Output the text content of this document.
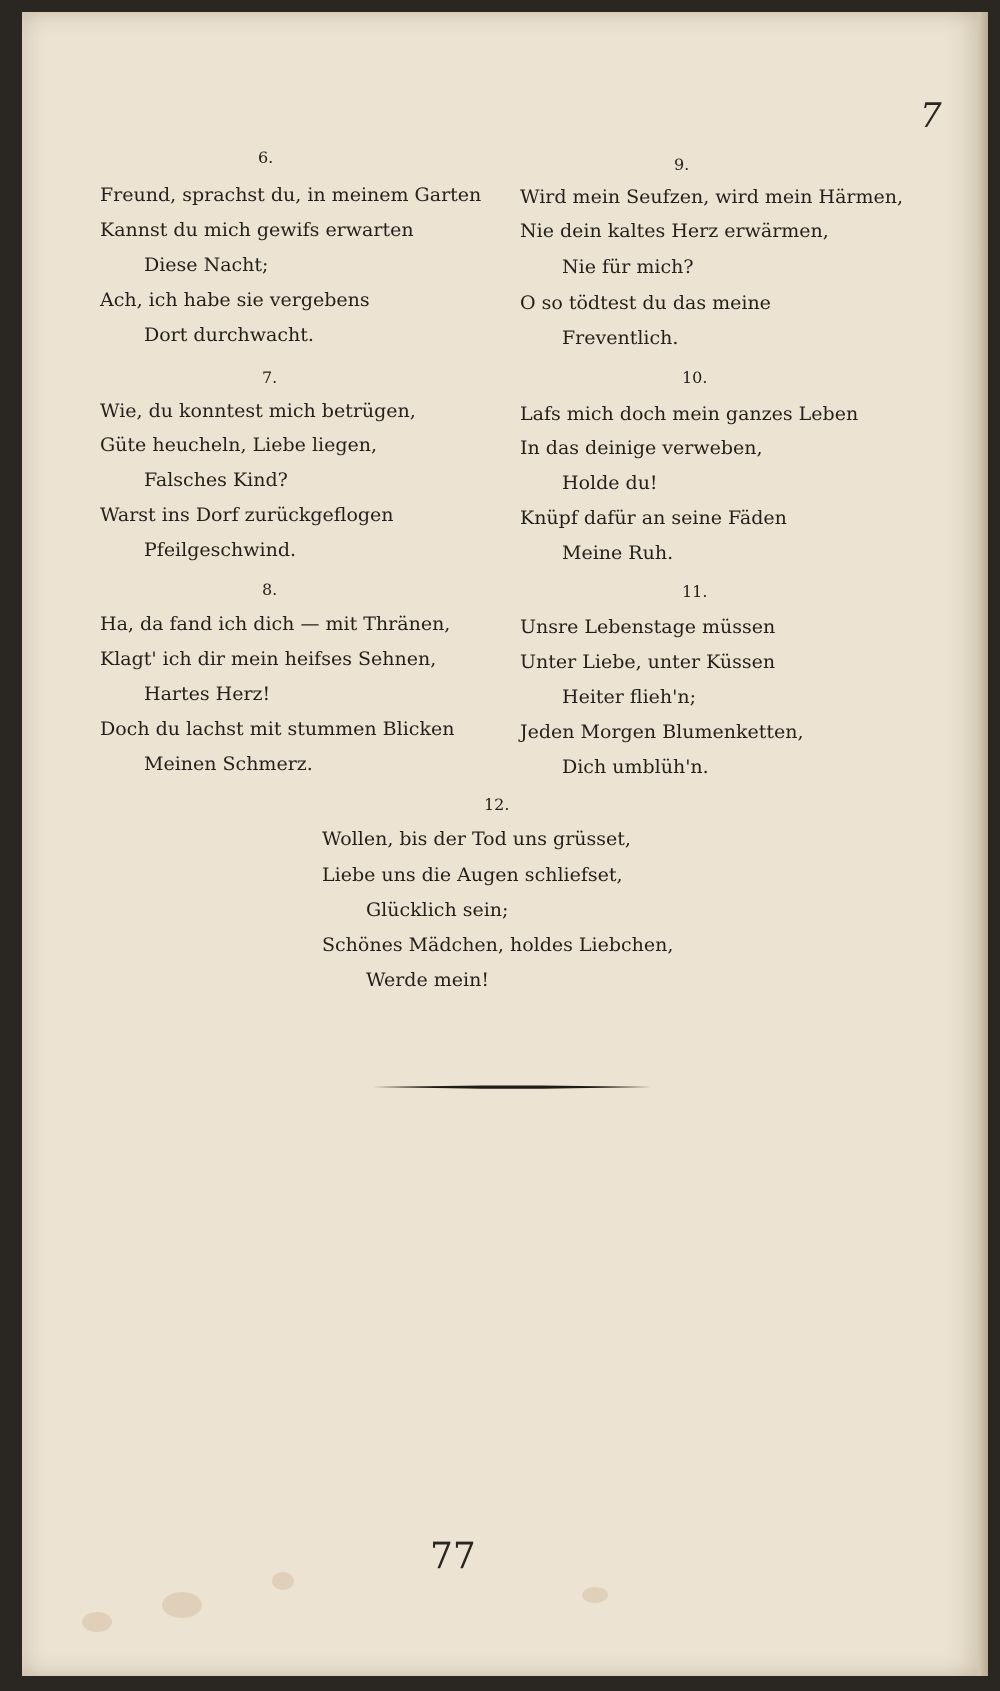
7
6.
Freund, sprachst du, in meinem Garten
Kannst du mich gewifs erwarten
Diese Nacht;
Ach, ich habe sie vergebens
Dort durchwacht.
7.
Wie, du konntest mich betrügen,
Güte heucheln, Liebe liegen,
Falsches Kind?
Warst ins Dorf zurückgeflogen
Pfeilgeschwind.
8.
Ha, da fand ich dich — mit Thränen,
Klagt' ich dir mein heifses Sehnen,
Hartes Herz!
Doch du lachst mit stummen Blicken
Meinen Schmerz.
9.
Wird mein Seufzen, wird mein Härmen,
Nie dein kaltes Herz erwärmen,
Nie für mich?
O so tödtest du das meine
Freventlich.
10.
Lafs mich doch mein ganzes Leben
In das deinige verweben,
Holde du!
Knüpf dafür an seine Fäden
Meine Ruh.
11.
Unsre Lebenstage müssen
Unter Liebe, unter Küssen
Heiter flieh'n;
Jeden Morgen Blumenketten,
Dich umblüh'n.
12.
Wollen, bis der Tod uns grüsset,
Liebe uns die Augen schliefset,
Glücklich sein;
Schönes Mädchen, holdes Liebchen,
Werde mein!
77
